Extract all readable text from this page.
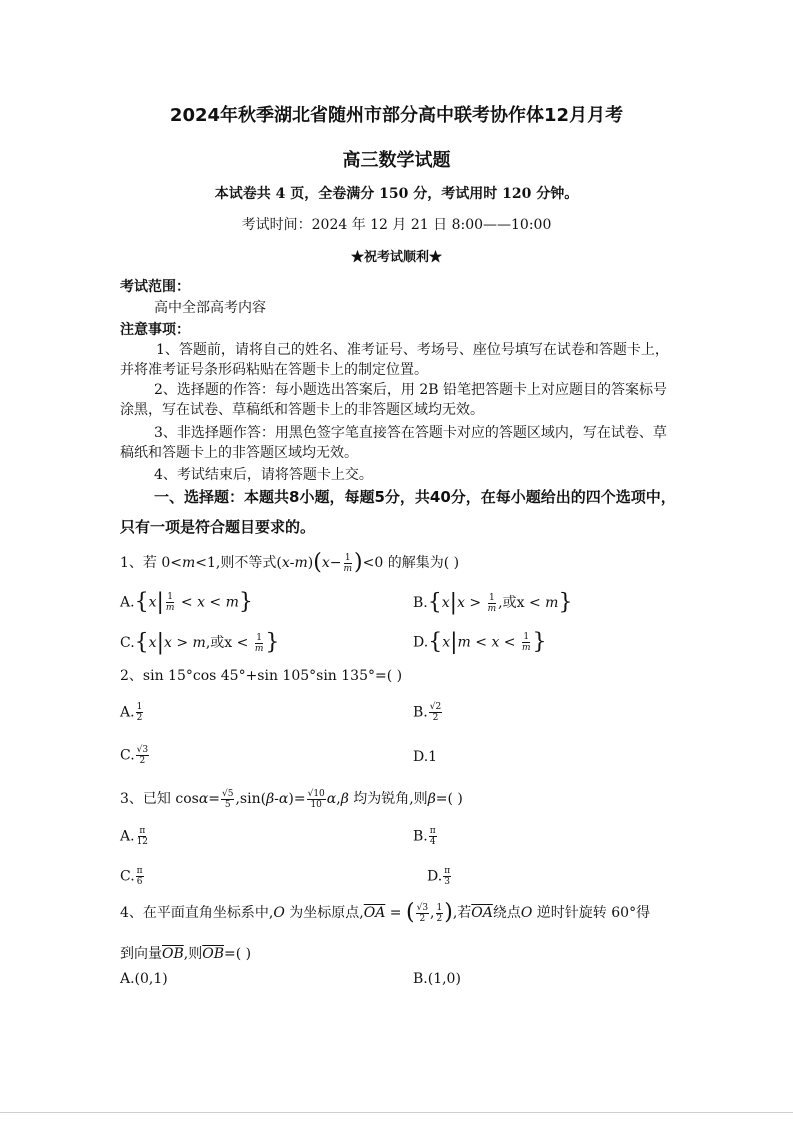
2024年秋季湖北省随州市部分高中联考协作体12月月考
高三数学试题
本试卷共 4 页，全卷满分 150 分，考试用时 120 分钟。
考试时间：2024 年 12 月 21 日 8:00——10:00
★祝考试顺利★
考试范围：
高中全部高考内容
注意事项：
1、答题前，请将自己的姓名、准考证号、考场号、座位号填写在试卷和答题卡上，并将准考证号条形码粘贴在答题卡上的制定位置。
2、选择题的作答：每小题选出答案后，用 2B 铅笔把答题卡上对应题目的答案标号涂黑，写在试卷、草稿纸和答题卡上的非答题区域均无效。
3、非选择题作答：用黑色签字笔直接答在答题卡对应的答题区域内，写在试卷、草稿纸和答题卡上的非答题区域均无效。
4、考试结束后，请将答题卡上交。
一、选择题：本题共8小题，每题5分，共40分，在每小题给出的四个选项中，只有一项是符合题目要求的。
1、若 0<m<1,则不等式$(x-m)(x- \frac{1}{m} )<0$ 的解集为( )
$A.\{x| \frac{1}{m} < x < m\}$	$B.\{x|x > \frac{1}{m}$ ,或x < m}
C.{x|x > m,或$x < \frac{1}{m}$ }	$D.\{x|m < x < \frac{1}{m}$ }
2、sin 15°cos 45°+sin 105°sin 135°=( )
A. $\frac{1}{2}$	B. $\frac{√2}{2}$
C. $\frac{√3}{2}$	D.1
3、已知 $\cos\alpha= \frac{√5}{5} ,\sin(\beta-\alpha)= \frac{√10}{10} \alpha,\beta$ 均为锐角,则β=( )
A. $\frac{\pi}{12}$	B. $\frac{\pi}{4}$
C. $\frac{\pi}{6}$	D. $\frac{\pi}{3}$
4、在平面直角坐标系中,O 为坐标原点$,\overline{OA}$ = ( $\frac{√3}{2}$ , $\frac{1}{2}$ ),若$\overline{OA}$绕点O 逆时针旋转 60°得
到向量$\overline{OB}$,则$\overline{OB}=$( )
A.(0,1)	B.(1,0)
